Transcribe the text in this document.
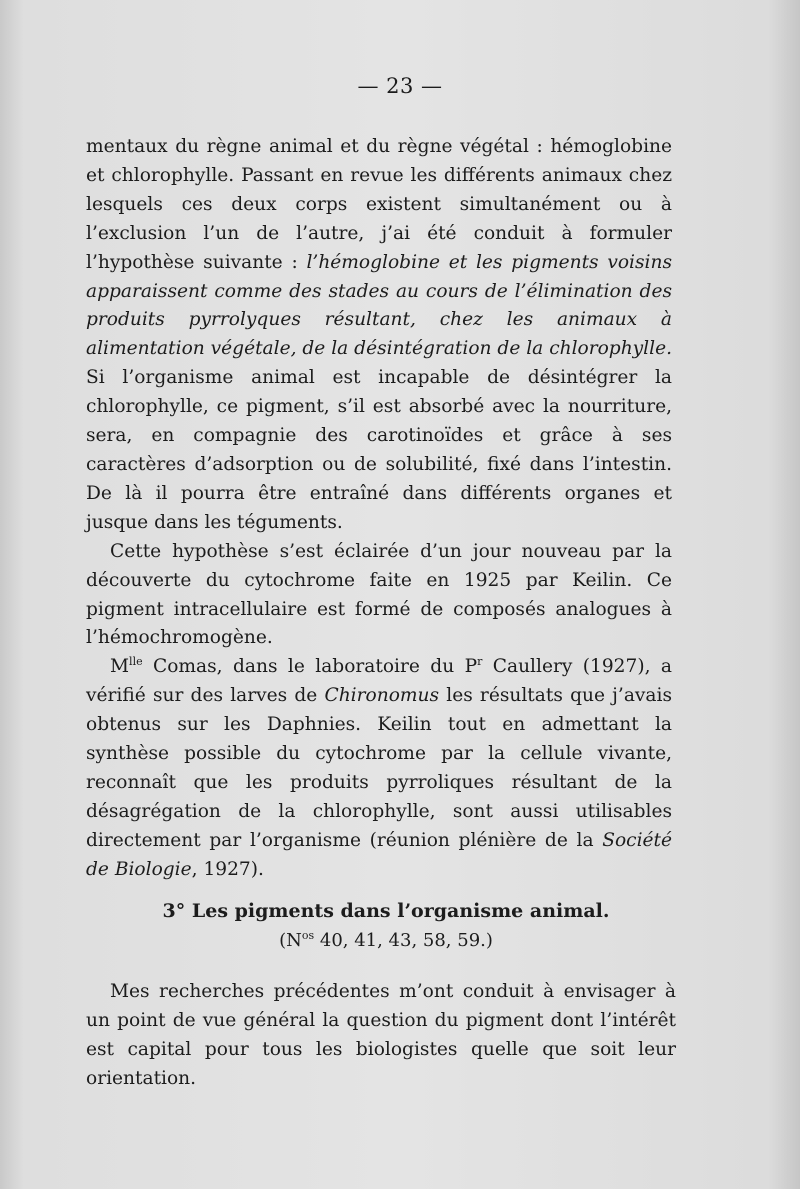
— 23 —

mentaux du règne animal et du règne végétal : hémoglobine et chlorophylle. Passant en revue les différents animaux chez lesquels ces deux corps existent simultanément ou à l’exclusion l’un de l’autre, j’ai été conduit à formuler l’hypothèse suivante : l’hémoglobine et les pigments voisins apparaissent comme des stades au cours de l’élimination des produits pyrrolyques résultant, chez les animaux à alimentation végétale, de la désintégration de la chlorophylle. Si l’organisme animal est incapable de désintégrer la chlorophylle, ce pigment, s’il est absorbé avec la nourriture, sera, en compagnie des carotinoïdes et grâce à ses caractères d’adsorption ou de solubilité, fixé dans l’intestin. De là il pourra être entraîné dans différents organes et jusque dans les téguments.

Cette hypothèse s’est éclairée d’un jour nouveau par la découverte du cytochrome faite en 1925 par Keilin. Ce pigment intracellulaire est formé de composés analogues à l’hémochromogène.

$M^{lle}$ Comas, dans le laboratoire du $P^r$ Caullery (1927), a vérifié sur des larves de Chironomus les résultats que j’avais obtenus sur les Daphnies. Keilin tout en admettant la synthèse possible du cytochrome par la cellule vivante, reconnaît que les produits pyrroliques résultant de la désagrégation de la chlorophylle, sont aussi utilisables directement par l’organisme (réunion plénière de la Société de Biologie, 1927).

3° Les pigments dans l’organisme animal.
($N^{os}$ 40, 41, 43, 58, 59.)

Mes recherches précédentes m’ont conduit à envisager à un point de vue général la question du pigment dont l’intérêt est capital pour tous les biologistes quelle que soit leur orientation.
